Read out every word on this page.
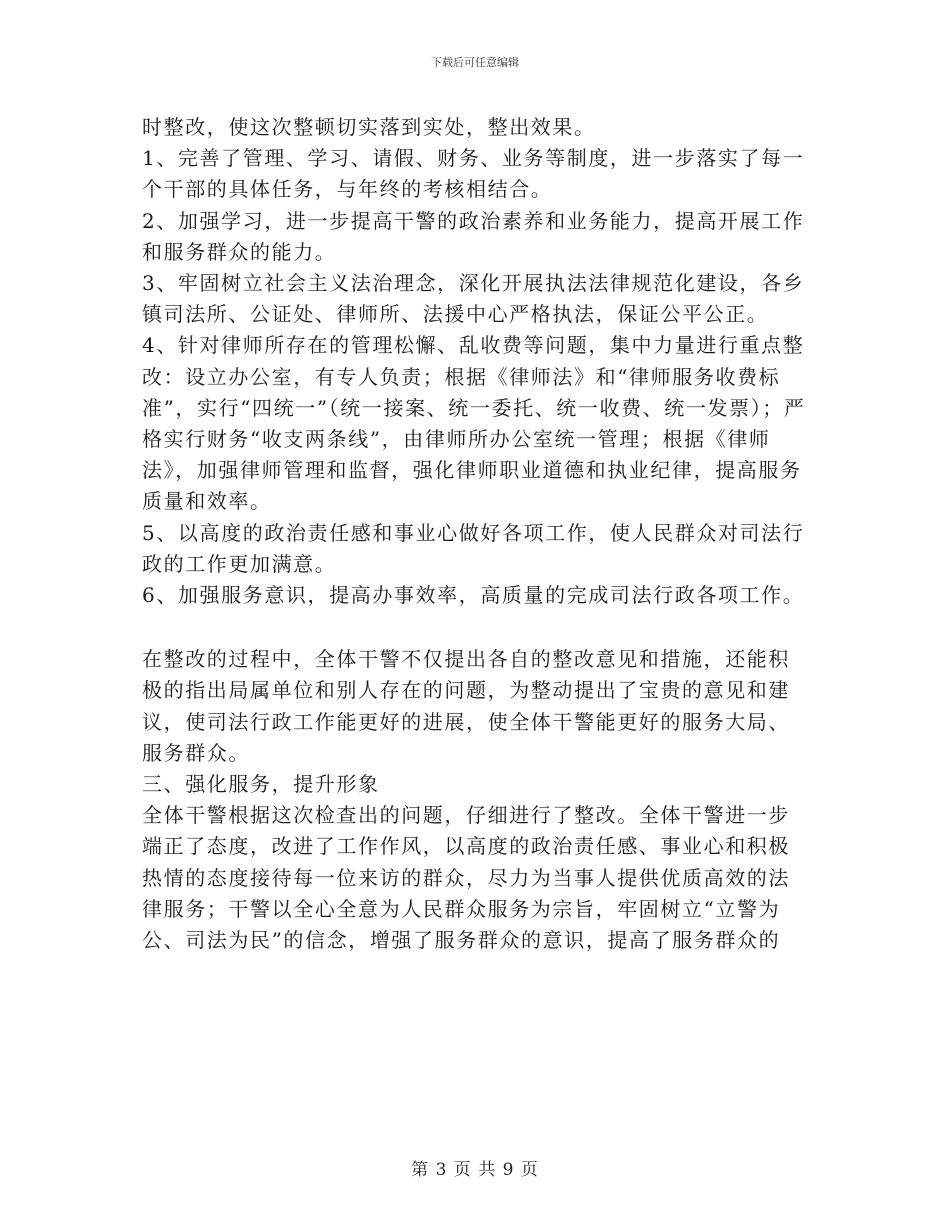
下载后可任意编辑

时整改，使这次整顿切实落到实处，整出效果。

1、完善了管理、学习、请假、财务、业务等制度，进一步落实了每一个干部的具体任务，与年终的考核相结合。

2、加强学习，进一步提高干警的政治素养和业务能力，提高开展工作和服务群众的能力。

3、牢固树立社会主义法治理念，深化开展执法法律规范化建设，各乡镇司法所、公证处、律师所、法援中心严格执法，保证公平公正。

4、针对律师所存在的管理松懈、乱收费等问题，集中力量进行重点整改：设立办公室，有专人负责；根据《律师法》和“律师服务收费标准”，实行“四统一”（统一接案、统一委托、统一收费、统一发票）；严格实行财务“收支两条线”，由律师所办公室统一管理；根据《律师法》，加强律师管理和监督，强化律师职业道德和执业纪律，提高服务质量和效率。

5、以高度的政治责任感和事业心做好各项工作，使人民群众对司法行政的工作更加满意。

6、加强服务意识，提高办事效率，高质量的完成司法行政各项工作。

在整改的过程中，全体干警不仅提出各自的整改意见和措施，还能积极的指出局属单位和别人存在的问题，为整动提出了宝贵的意见和建议，使司法行政工作能更好的进展，使全体干警能更好的服务大局、服务群众。

三、强化服务，提升形象

全体干警根据这次检查出的问题，仔细进行了整改。全体干警进一步端正了态度，改进了工作作风，以高度的政治责任感、事业心和积极热情的态度接待每一位来访的群众，尽力为当事人提供优质高效的法律服务；干警以全心全意为人民群众服务为宗旨，牢固树立“立警为公、司法为民”的信念，增强了服务群众的意识，提高了服务群众的

第 3 页 共 9 页
